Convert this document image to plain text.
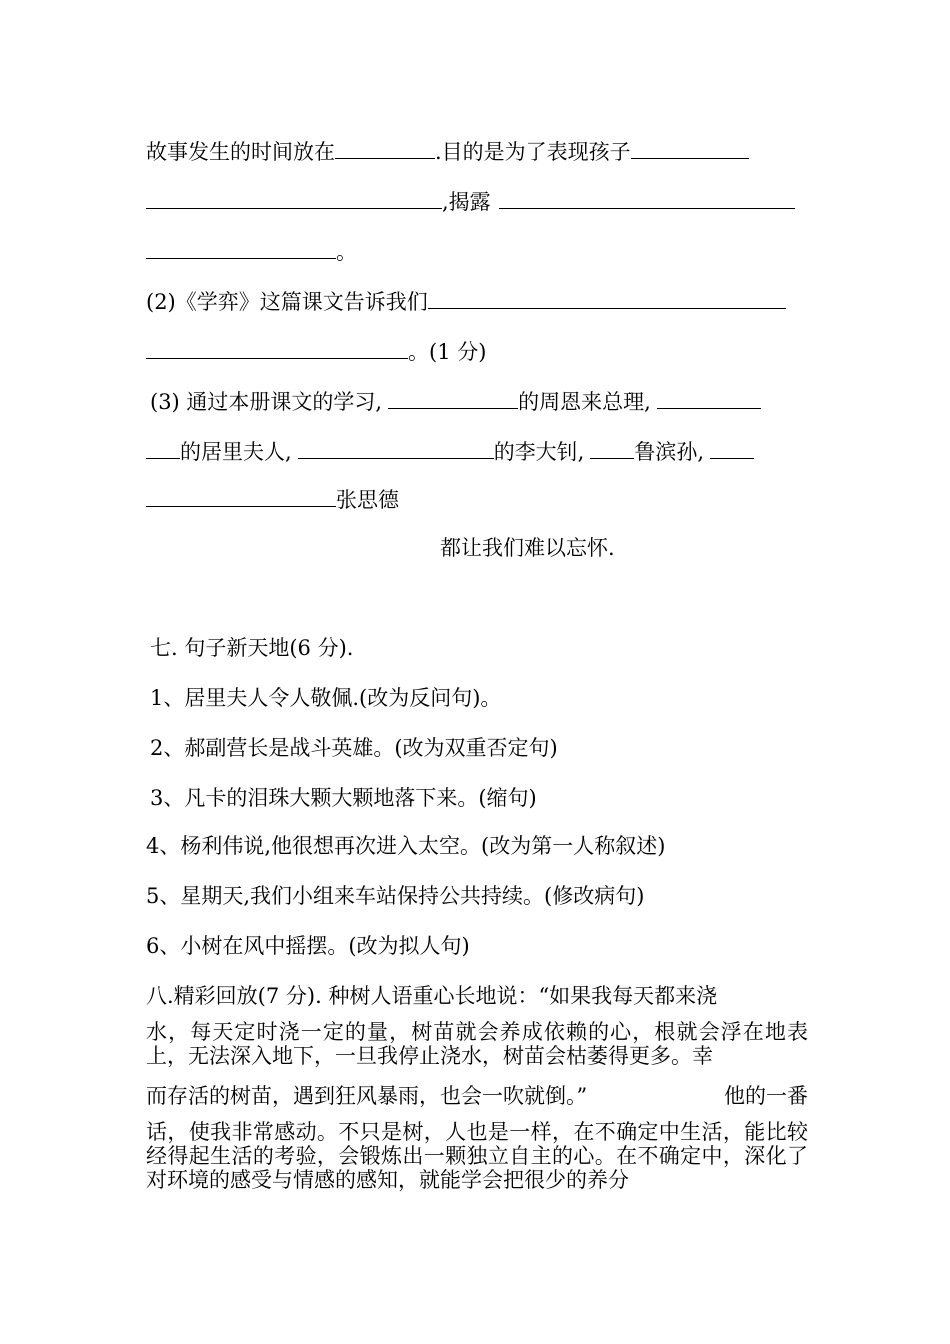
故事发生的时间放在	.目的是为了表现孩子
,揭露
。
(2)《学弈》这篇课文告诉我们
。(1 分)
(3) 通过本册课文的学习,	的周恩来总理,
的居里夫人,	的李大钊, 鲁滨孙,
张思德
都让我们难以忘怀.
七. 句子新天地(6 分).
1、居里夫人令人敬佩.(改为反问句)。
2、郝副营长是战斗英雄。(改为双重否定句)
3、凡卡的泪珠大颗大颗地落下来。(缩句)
4、杨利伟说,他很想再次进入太空。(改为第一人称叙述)
5、星期天,我们小组来车站保持公共持续。(修改病句)
6、小树在风中摇摆。(改为拟人句)
八.精彩回放(7 分). 种树人语重心长地说：“如果我每天都来浇
水，每天定时浇一定的量，树苗就会养成依赖的心，根就会浮在地表上，无法深入地下，一旦我停止浇水，树苗会枯萎得更多。幸
而存活的树苗，遇到狂风暴雨，也会一吹就倒。”	他的一番
话，使我非常感动。不只是树，人也是一样，在不确定中生活，能比较经得起生活的考验，会锻炼出一颗独立自主的心。在不确定中，深化了对环境的感受与情感的感知，就能学会把很少的养分
